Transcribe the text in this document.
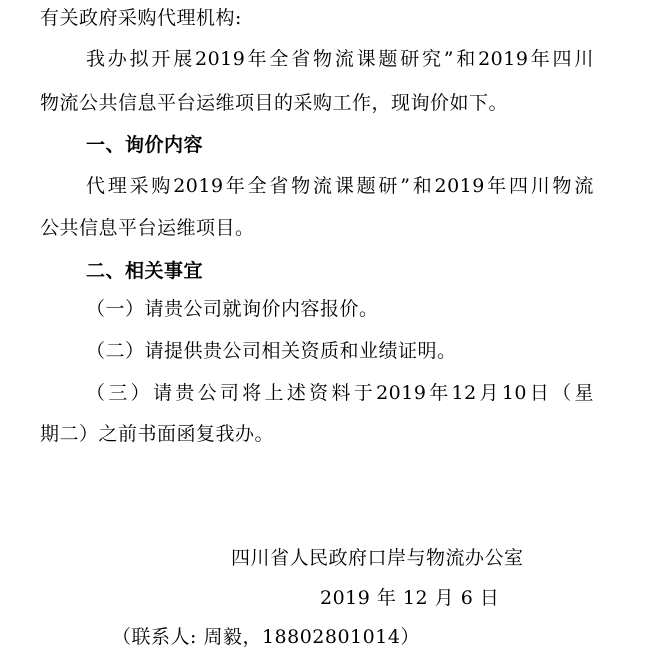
有关政府采购代理机构:
我 办 拟 开 展 2019 年 全 省 物 流 课 题 研 究 ” 和 2019 年 四 川
物流公共信息平台运维项目的采购工作，现询价如下。
一、询价内容
代 理 采 购 2019 年 全 省 物 流 课 题 研 ” 和 2019 年 四 川 物 流
公共信息平台运维项目。
二、相关事宜
（一）请贵公司就询价内容报价。
（二）请提供贵公司相关资质和业绩证明。
（ 三 ） 请 贵 公 司 将 上 述 资 料 于 2019 年 12 月 10 日 （ 星
期二）之前书面函复我办。
四川省人民政府口岸与物流办公室
2019 年 12 月 6 日
（联系人: 周毅，18802801014）
